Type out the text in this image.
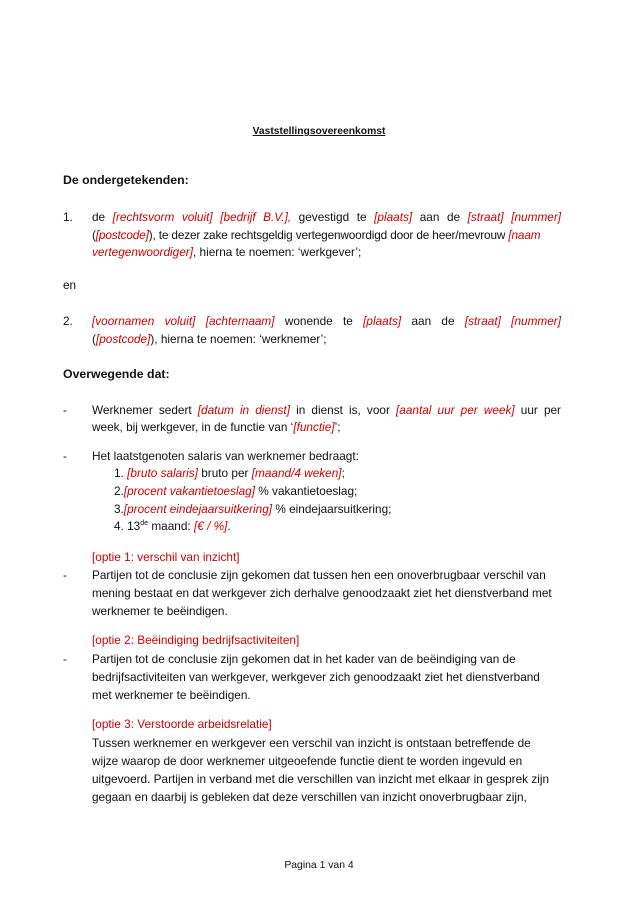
Vaststellingsovereenkomst
De ondergetekenden:
1. de [rechtsvorm voluit] [bedrijf B.V.], gevestigd te [plaats] aan de [straat] [nummer]
([postcode]), te dezer zake rechtsgeldig vertegenwoordigd door de heer/mevrouw [naam
vertegenwoordiger], hierna te noemen: ‘werkgever’;
en
2. [voornamen voluit] [achternaam] wonende te [plaats] aan de [straat] [nummer]
([postcode]), hierna te noemen: ‘werknemer’;
Overwegende dat:
- Werknemer sedert [datum in dienst] in dienst is, voor [aantal uur per week] uur per
week, bij werkgever, in de functie van ‘[functie]’;
- Het laatstgenoten salaris van werknemer bedraagt:
1. [bruto salaris] bruto per [maand/4 weken];
2.[procent vakantietoeslag] % vakantietoeslag;
3.[procent eindejaarsuitkering] % eindejaarsuitkering;
4. 13de maand: [€ / %].
[optie 1: verschil van inzicht]
- Partijen tot de conclusie zijn gekomen dat tussen hen een onoverbrugbaar verschil van
mening bestaat en dat werkgever zich derhalve genoodzaakt ziet het dienstverband met
werknemer te beëindigen.
[optie 2: Beëindiging bedrijfsactiviteiten]
- Partijen tot de conclusie zijn gekomen dat in het kader van de beëindiging van de
bedrijfsactiviteiten van werkgever, werkgever zich genoodzaakt ziet het dienstverband
met werknemer te beëindigen.
[optie 3: Verstoorde arbeidsrelatie]
Tussen werknemer en werkgever een verschil van inzicht is ontstaan betreffende de
wijze waarop de door werknemer uitgeoefende functie dient te worden ingevuld en
uitgevoerd. Partijen in verband met die verschillen van inzicht met elkaar in gesprek zijn
gegaan en daarbij is gebleken dat deze verschillen van inzicht onoverbrugbaar zijn,
Pagina 1 van 4
